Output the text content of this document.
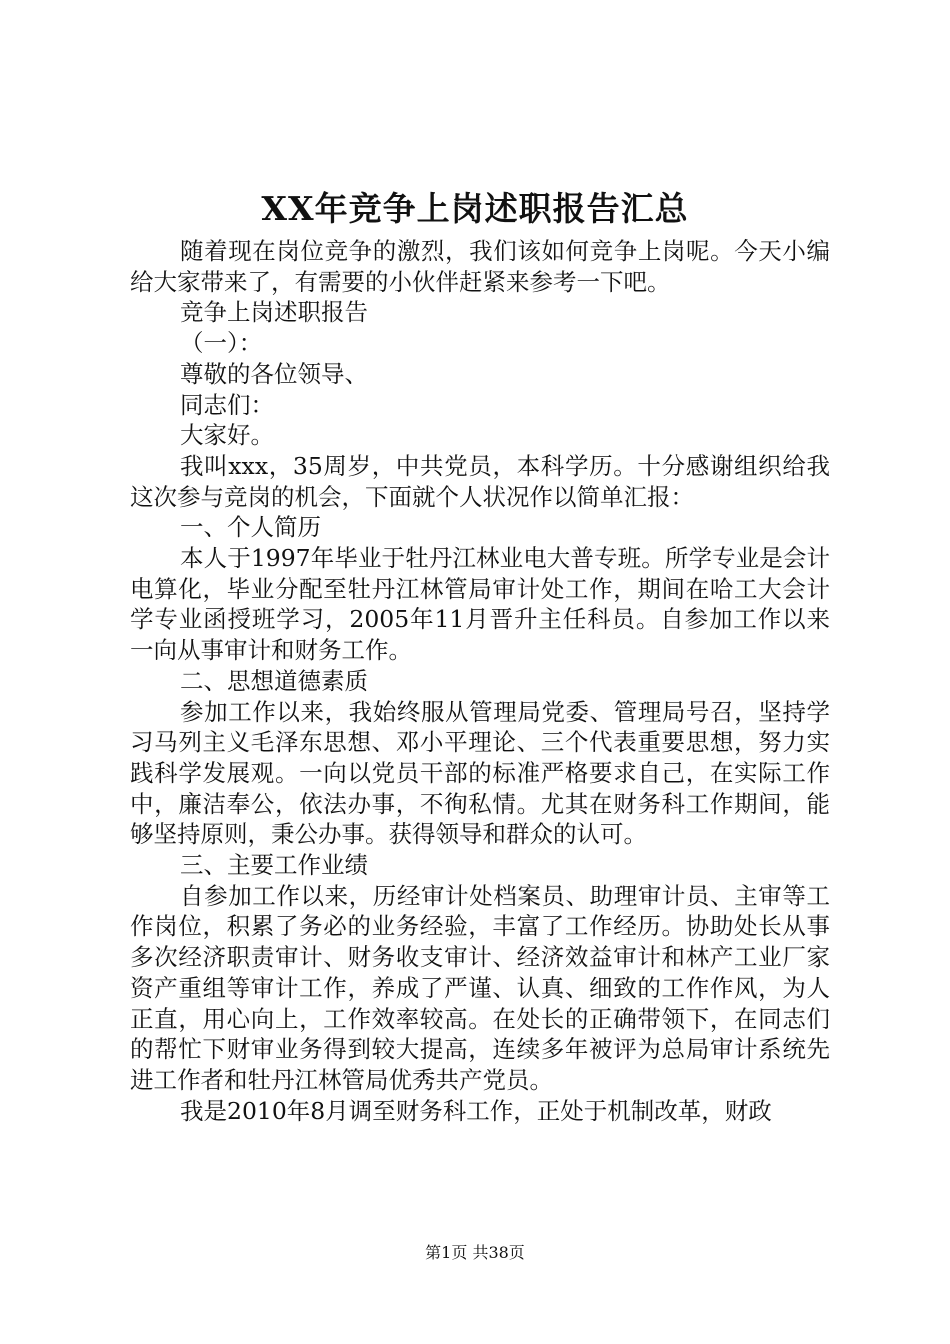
XX年竞争上岗述职报告汇总

随着现在岗位竞争的激烈，我们该如何竞争上岗呢。今天小编给大家带来了，有需要的小伙伴赶紧来参考一下吧。

竞争上岗述职报告

（一）：

尊敬的各位领导、

同志们：

大家好。

我叫xxx，35周岁，中共党员，本科学历。十分感谢组织给我这次参与竞岗的机会，下面就个人状况作以简单汇报：

一、个人简历

本人于1997年毕业于牡丹江林业电大普专班。所学专业是会计电算化，毕业分配至牡丹江林管局审计处工作，期间在哈工大会计学专业函授班学习，2005年11月晋升主任科员。自参加工作以来一向从事审计和财务工作。

二、思想道德素质

参加工作以来，我始终服从管理局党委、管理局号召，坚持学习马列主义毛泽东思想、邓小平理论、三个代表重要思想，努力实践科学发展观。一向以党员干部的标准严格要求自己，在实际工作中，廉洁奉公，依法办事，不徇私情。尤其在财务科工作期间，能够坚持原则，秉公办事。获得领导和群众的认可。

三、主要工作业绩

自参加工作以来，历经审计处档案员、助理审计员、主审等工作岗位，积累了务必的业务经验，丰富了工作经历。协助处长从事多次经济职责审计、财务收支审计、经济效益审计和林产工业厂家资产重组等审计工作，养成了严谨、认真、细致的工作作风，为人正直，用心向上，工作效率较高。在处长的正确带领下，在同志们的帮忙下财审业务得到较大提高，连续多年被评为总局审计系统先进工作者和牡丹江林管局优秀共产党员。

我是2010年8月调至财务科工作，正处于机制改革，财政

第1页 共38页
